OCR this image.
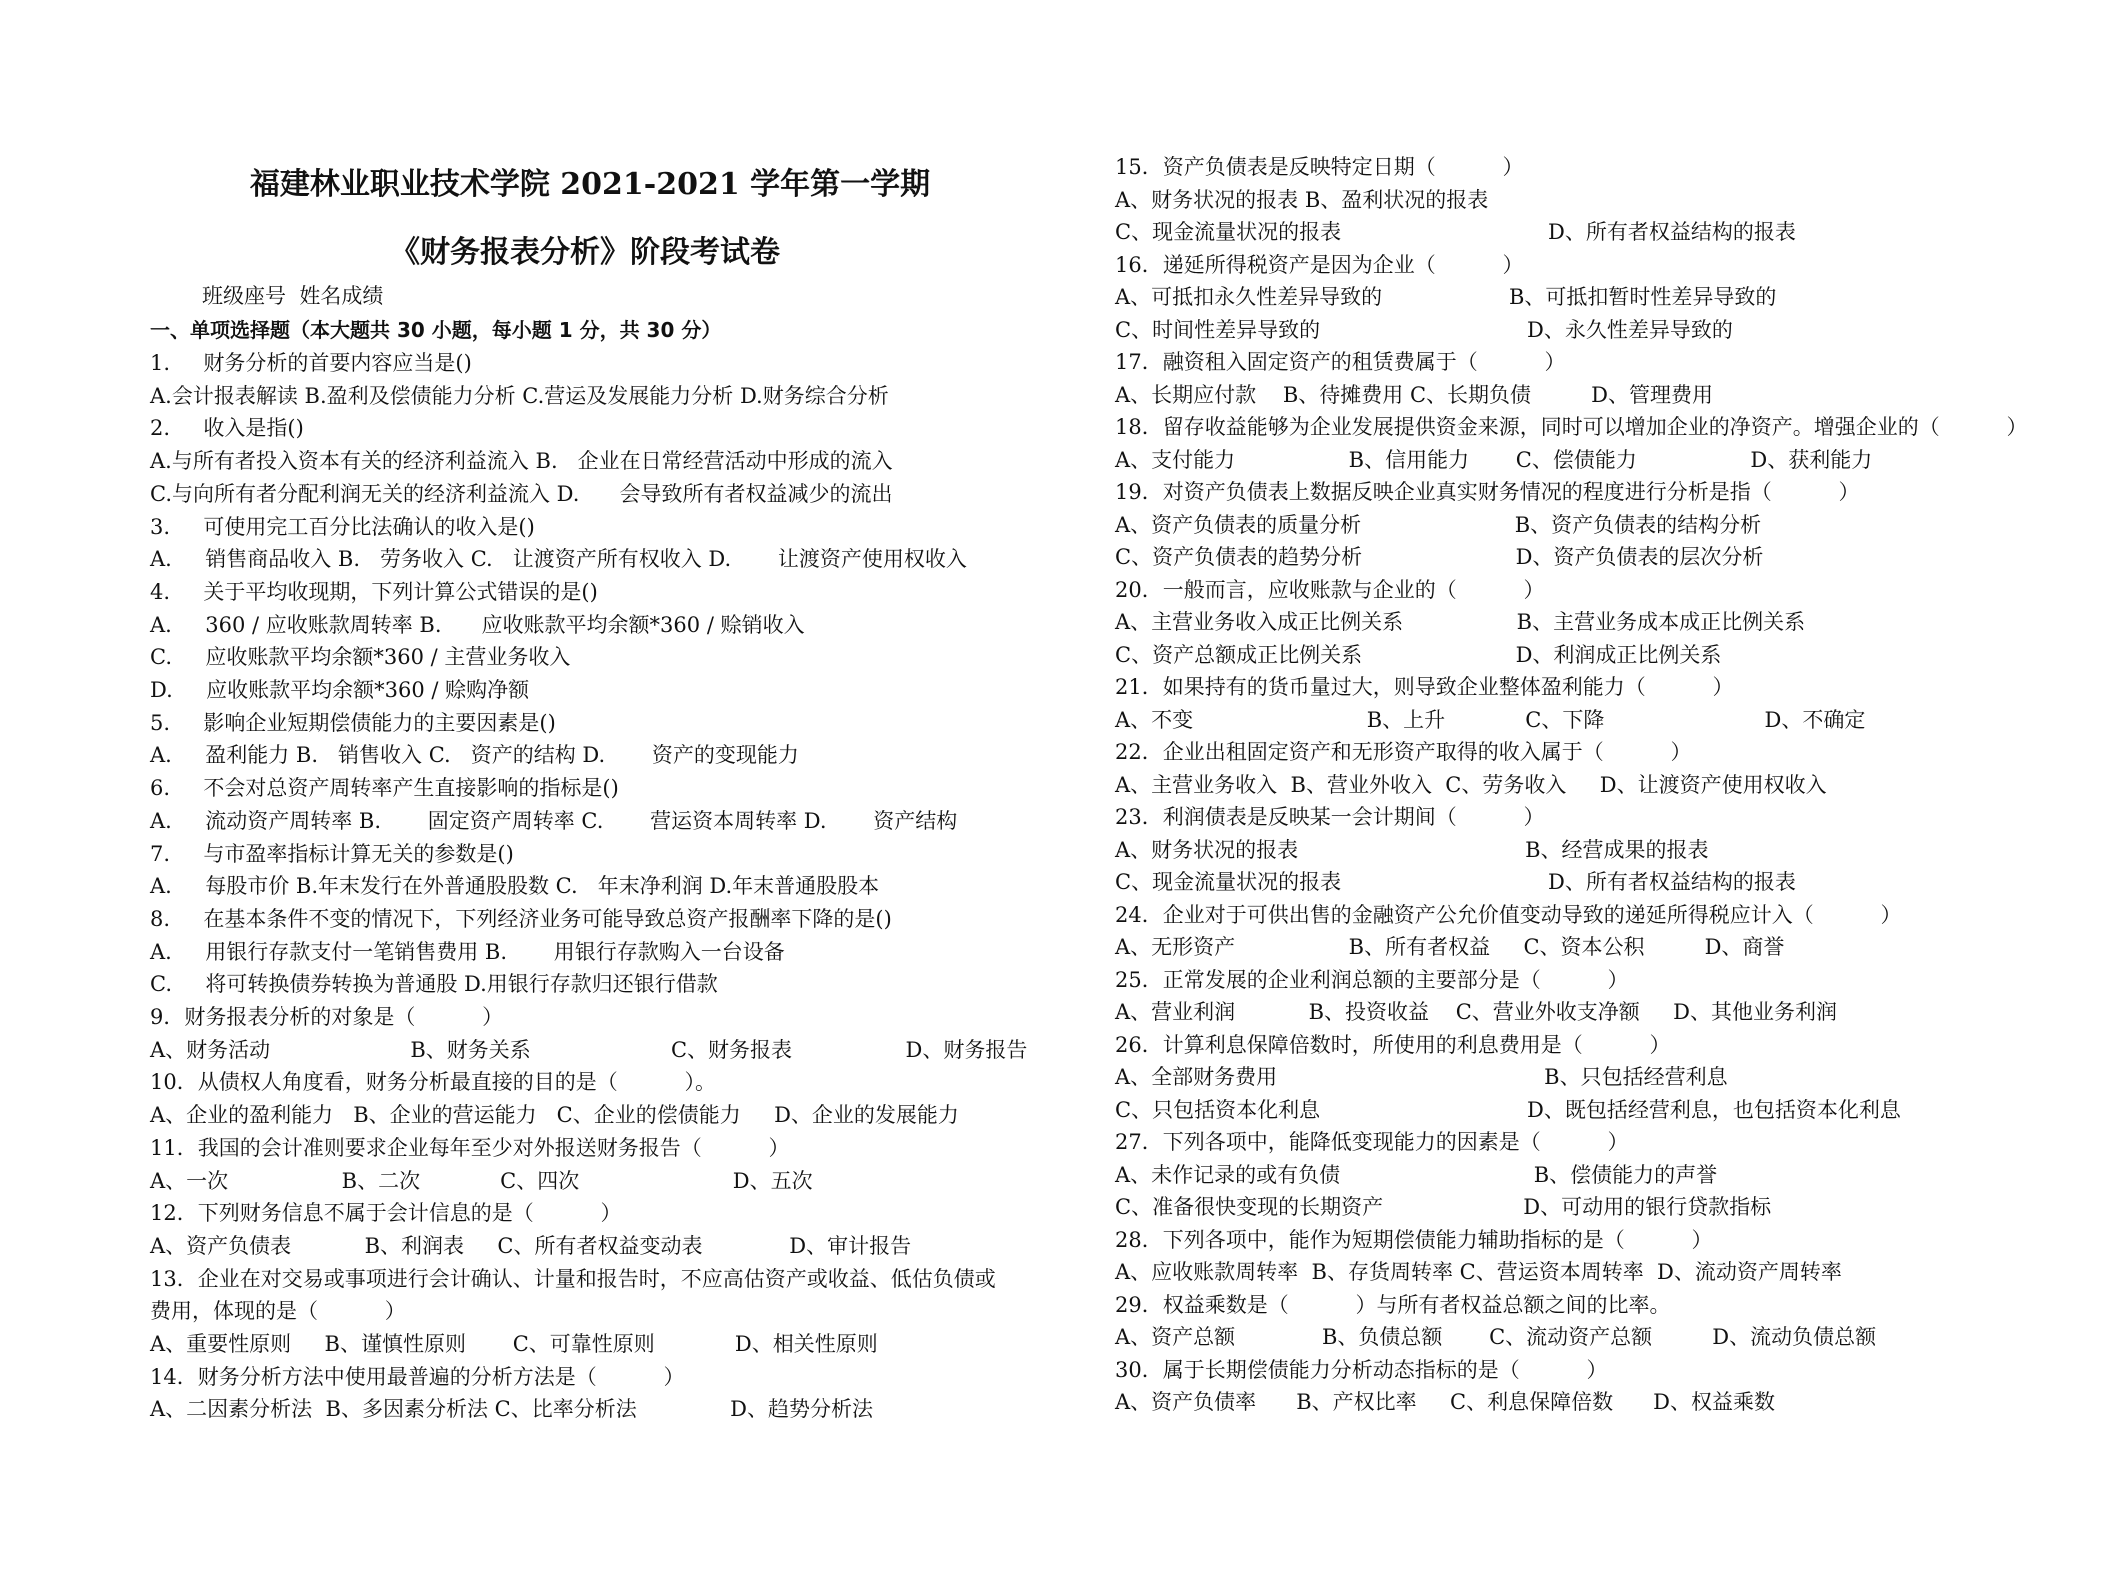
福建林业职业技术学院 2021-2021 学年第一学期
《财务报表分析》阶段考试卷
班级座号  姓名成绩
一、单项选择题（本大题共 30 小题，每小题 1 分，共 30 分）
1.     财务分析的首要内容应当是()
A.会计报表解读 B.盈利及偿债能力分析 C.营运及发展能力分析 D.财务综合分析
2.     收入是指()
A.与所有者投入资本有关的经济利益流入 B.   企业在日常经营活动中形成的流入
C.与向所有者分配利润无关的经济利益流入 D.      会导致所有者权益减少的流出
3.     可使用完工百分比法确认的收入是()
A.     销售商品收入 B.   劳务收入 C.   让渡资产所有权收入 D.       让渡资产使用权收入
4.     关于平均收现期，下列计算公式错误的是()
A.     360 / 应收账款周转率 B.      应收账款平均余额*360 / 赊销收入
C.     应收账款平均余额*360 / 主营业务收入
D.     应收账款平均余额*360 / 赊购净额
5.     影响企业短期偿债能力的主要因素是()
A.     盈利能力 B.   销售收入 C.   资产的结构 D.       资产的变现能力
6.     不会对总资产周转率产生直接影响的指标是()
A.     流动资产周转率 B.       固定资产周转率 C.       营运资本周转率 D.       资产结构
7.     与市盈率指标计算无关的参数是()
A.     每股市价 B.年末发行在外普通股股数 C.   年末净利润 D.年末普通股股本
8.     在基本条件不变的情况下，下列经济业务可能导致总资产报酬率下降的是()
A.     用银行存款支付一笔销售费用 B.       用银行存款购入一台设备
C.     将可转换债券转换为普通股 D.用银行存款归还银行借款
9．财务报表分析的对象是（          ）
A、财务活动                     B、财务关系                     C、财务报表                 D、财务报告
10．从债权人角度看，财务分析最直接的目的是（          ）。
A、企业的盈利能力   B、企业的营运能力   C、企业的偿债能力     D、企业的发展能力
11．我国的会计准则要求企业每年至少对外报送财务报告（          ）
A、一次                 B、二次            C、四次                       D、五次
12．下列财务信息不属于会计信息的是（          ）
A、资产负债表           B、利润表     C、所有者权益变动表             D、审计报告
13．企业在对交易或事项进行会计确认、计量和报告时，不应高估资产或收益、低估负债或
费用，体现的是（          ）
A、重要性原则     B、谨慎性原则       C、可靠性原则            D、相关性原则
14．财务分析方法中使用最普遍的分析方法是（          ）
A、二因素分析法  B、多因素分析法 C、比率分析法              D、趋势分析法
15．资产负债表是反映特定日期（          ）
A、财务状况的报表 B、盈利状况的报表
C、现金流量状况的报表                               D、所有者权益结构的报表
16．递延所得税资产是因为企业（          ）
A、可抵扣永久性差异导致的                   B、可抵扣暂时性差异导致的
C、时间性差异导致的                               D、永久性差异导致的
17．融资租入固定资产的租赁费属于（          ）
A、长期应付款    B、待摊费用 C、长期负债         D、管理费用
18．留存收益能够为企业发展提供资金来源，同时可以增加企业的净资产。增强企业的（          ）
A、支付能力                 B、信用能力       C、偿债能力                 D、获利能力
19．对资产负债表上数据反映企业真实财务情况的程度进行分析是指（          ）
A、资产负债表的质量分析                       B、资产负债表的结构分析
C、资产负债表的趋势分析                       D、资产负债表的层次分析
20．一般而言，应收账款与企业的（          ）
A、主营业务收入成正比例关系                 B、主营业务成本成正比例关系
C、资产总额成正比例关系                       D、利润成正比例关系
21．如果持有的货币量过大，则导致企业整体盈利能力（          ）
A、不变                          B、上升            C、下降                        D、不确定
22．企业出租固定资产和无形资产取得的收入属于（          ）
A、主营业务收入  B、营业外收入  C、劳务收入     D、让渡资产使用权收入
23．利润债表是反映某一会计期间（          ）
A、财务状况的报表                                  B、经营成果的报表
C、现金流量状况的报表                               D、所有者权益结构的报表
24．企业对于可供出售的金融资产公允价值变动导致的递延所得税应计入（          ）
A、无形资产                 B、所有者权益     C、资本公积         D、商誉
25．正常发展的企业利润总额的主要部分是（          ）
A、营业利润           B、投资收益    C、营业外收支净额     D、其他业务利润
26．计算利息保障倍数时，所使用的利息费用是（          ）
A、全部财务费用                                        B、只包括经营利息
C、只包括资本化利息                               D、既包括经营利息，也包括资本化利息
27．下列各项中，能降低变现能力的因素是（          ）
A、未作记录的或有负债                             B、偿债能力的声誉
C、准备很快变现的长期资产                     D、可动用的银行贷款指标
28．下列各项中，能作为短期偿债能力辅助指标的是（          ）
A、应收账款周转率  B、存货周转率 C、营运资本周转率  D、流动资产周转率
29．权益乘数是（          ）与所有者权益总额之间的比率。
A、资产总额             B、负债总额       C、流动资产总额         D、流动负债总额
30．属于长期偿债能力分析动态指标的是（          ）
A、资产负债率      B、产权比率     C、利息保障倍数      D、权益乘数
